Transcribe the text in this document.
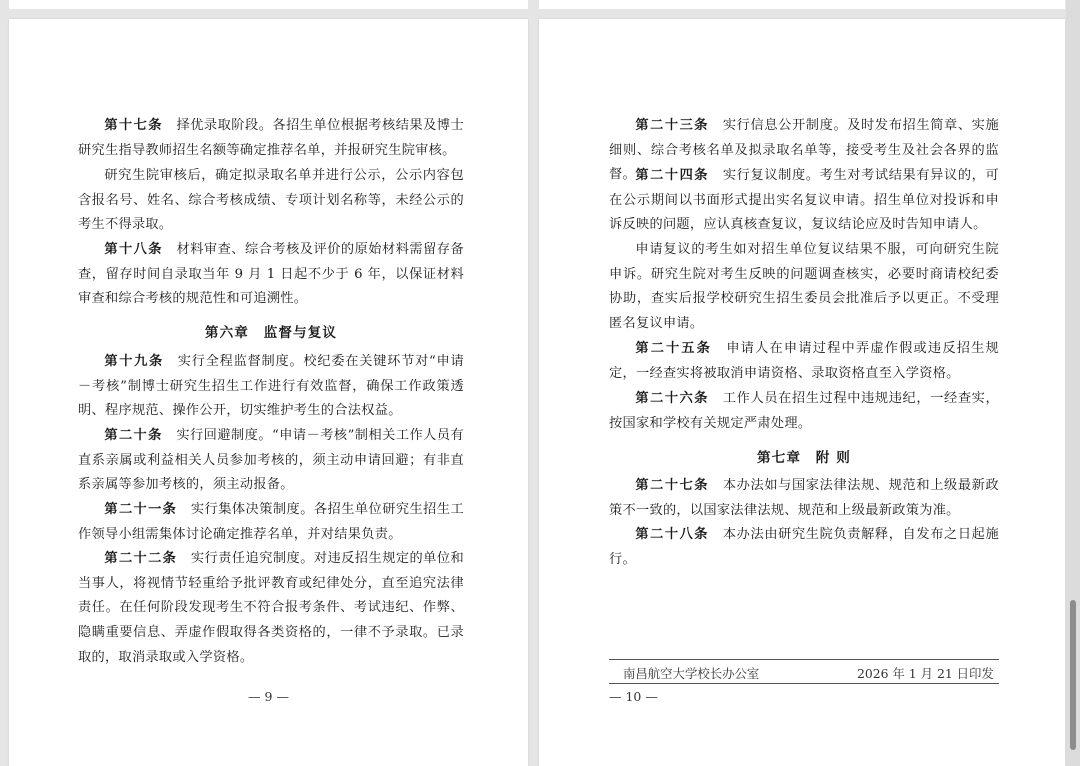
第十七条　 择优录取阶段。各招生单位根据考核结果及博士研究生指导教师招生名额等确定推荐名单，并报研究生院审核。

研究生院审核后，确定拟录取名单并进行公示，公示内容包含报名号、姓名、综合考核成绩、专项计划名称等，未经公示的考生不得录取。

第十八条　 材料审查、综合考核及评价的原始材料需留存备查，留存时间自录取当年 9 月 1 日起不少于 6 年，以保证材料审查和综合考核的规范性和可追溯性。

第六章　监督与复议

第十九条　 实行全程监督制度。校纪委在关键环节对“申请－考核”制博士研究生招生工作进行有效监督，确保工作政策透明、程序规范、操作公开，切实维护考生的合法权益。

第二十条　 实行回避制度。“申请－考核”制相关工作人员有直系亲属或利益相关人员参加考核的，须主动申请回避；有非直系亲属等参加考核的，须主动报备。

第二十一条　 实行集体决策制度。各招生单位研究生招生工作领导小组需集体讨论确定推荐名单，并对结果负责。

第二十二条　 实行责任追究制度。对违反招生规定的单位和当事人，将视情节轻重给予批评教育或纪律处分，直至追究法律责任。在任何阶段发现考生不符合报考条件、考试违纪、作弊、隐瞒重要信息、弄虚作假取得各类资格的，一律不予录取。已录取的，取消录取或入学资格。

— 9 —

第二十三条　 实行信息公开制度。及时发布招生简章、实施细则、综合考核名单及拟录取名单等，接受考生及社会各界的监督。 第二十四条　 实行复议制度。考生对考试结果有异议的，可在公示期间以书面形式提出实名复议申请。招生单位对投诉和申诉反映的问题，应认真核查复议，复议结论应及时告知申请人。

申请复议的考生如对招生单位复议结果不服，可向研究生院申诉。研究生院对考生反映的问题调查核实，必要时商请校纪委协助，查实后报学校研究生招生委员会批准后予以更正。不受理匿名复议申请。

第二十五条　 申请人在申请过程中弄虚作假或违反招生规定，一经查实将被取消申请资格、录取资格直至入学资格。

第二十六条　 工作人员在招生过程中违规违纪，一经查实，按国家和学校有关规定严肃处理。

第七章　附 则

第二十七条　 本办法如与国家法律法规、规范和上级最新政策不一致的，以国家法律法规、规范和上级最新政策为准。

第二十八条　 本办法由研究生院负责解释，自发布之日起施行。

南昌航空大学校长办公室	2026 年 1 月 21 日印发

— 10 —
